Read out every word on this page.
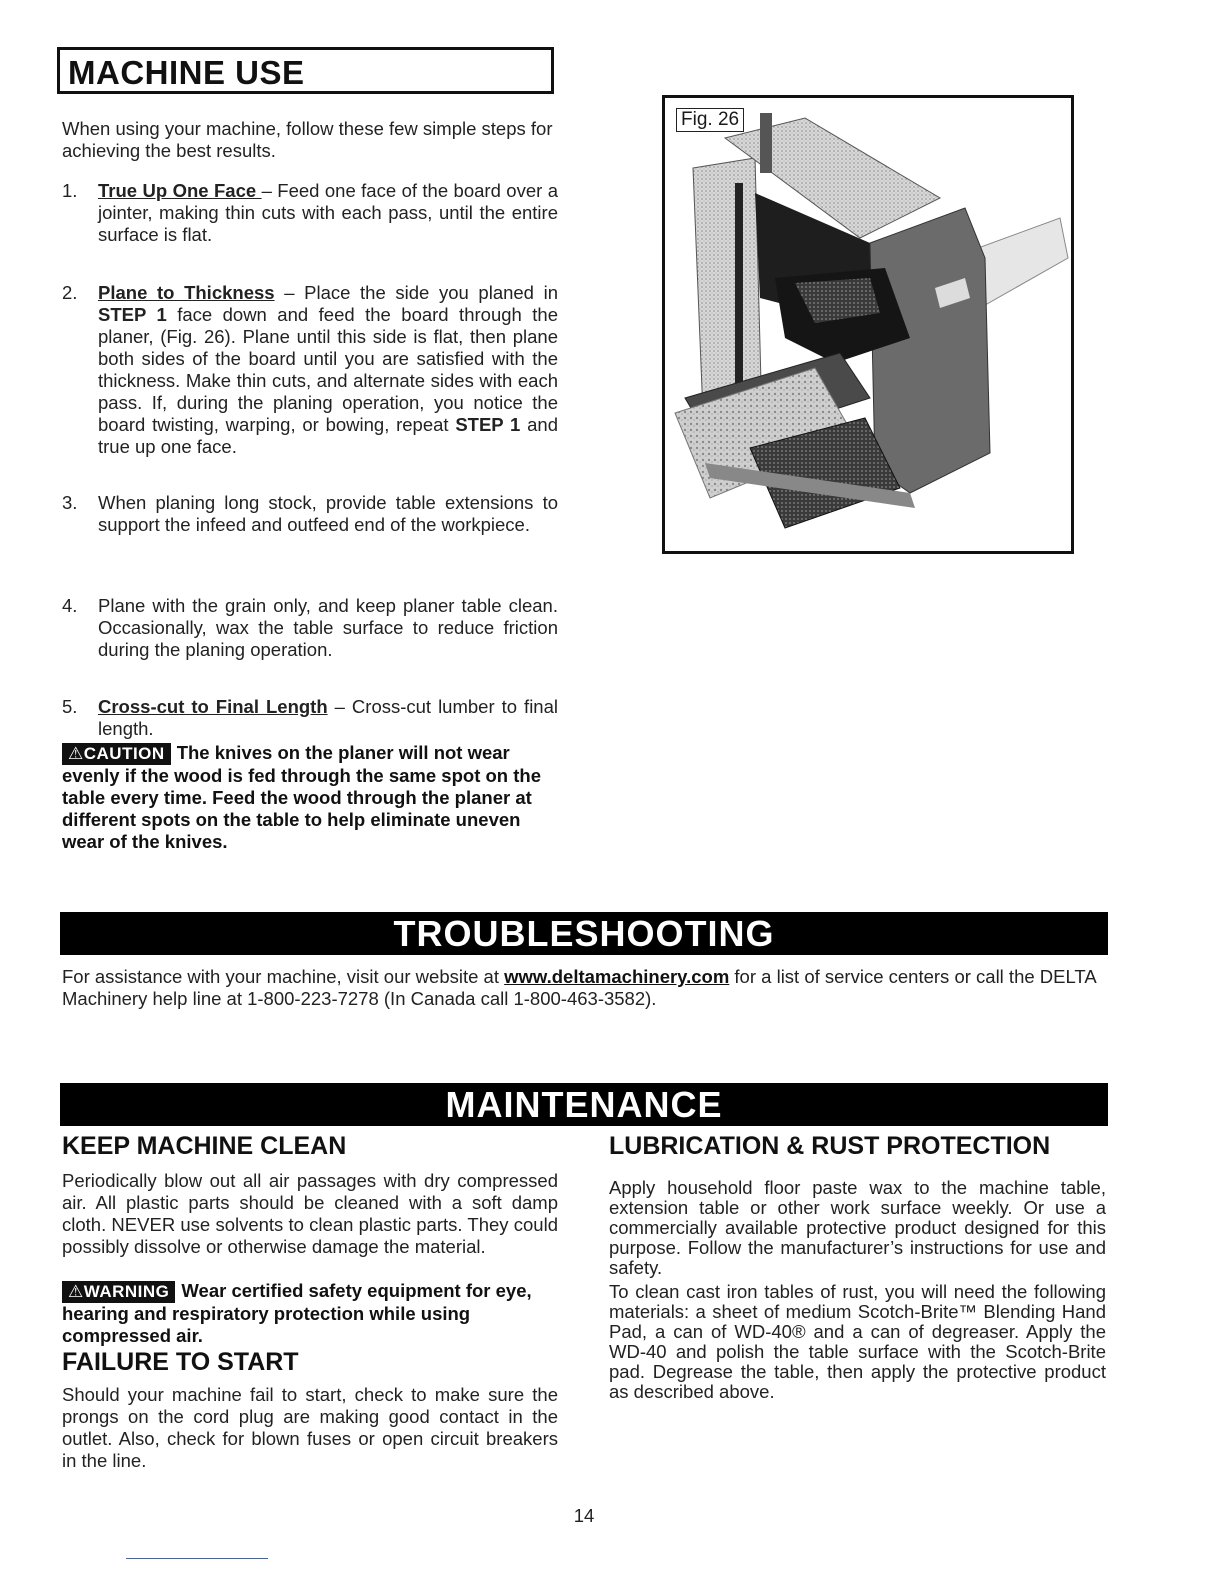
MACHINE USE
When using your machine, follow these few simple steps for achieving the best results.
1. True Up One Face – Feed one face of the board over a jointer, making thin cuts with each pass, until the entire surface is flat.
2. Plane to Thickness – Place the side you planed in STEP 1 face down and feed the board through the planer, (Fig. 26). Plane until this side is flat, then plane both sides of the board until you are satisfied with the thickness. Make thin cuts, and alternate sides with each pass. If, during the planing operation, you notice the board twisting, warping, or bowing, repeat STEP 1 and true up one face.
3. When planing long stock, provide table extensions to support the infeed and outfeed end of the workpiece.
4. Plane with the grain only, and keep planer table clean. Occasionally, wax the table surface to reduce friction during the planing operation.
5. Cross-cut to Final Length – Cross-cut lumber to final length.
⚠CAUTION The knives on the planer will not wear evenly if the wood is fed through the same spot on the table every time. Feed the wood through the planer at different spots on the table to help eliminate uneven wear of the knives.
Fig. 26
TROUBLESHOOTING
For assistance with your machine, visit our website at www.deltamachinery.com for a list of service centers or call the DELTA Machinery help line at 1-800-223-7278 (In Canada call 1-800-463-3582).
MAINTENANCE
KEEP MACHINE CLEAN
Periodically blow out all air passages with dry compressed air. All plastic parts should be cleaned with a soft damp cloth. NEVER use solvents to clean plastic parts. They could possibly dissolve or otherwise damage the material.
⚠WARNING Wear certified safety equipment for eye, hearing and respiratory protection while using compressed air.
FAILURE TO START
Should your machine fail to start, check to make sure the prongs on the cord plug are making good contact in the outlet. Also, check for blown fuses or open circuit breakers in the line.
LUBRICATION & RUST PROTECTION
Apply household floor paste wax to the machine table, extension table or other work surface weekly. Or use a commercially available protective product designed for this purpose. Follow the manufacturer’s instructions for use and safety.
To clean cast iron tables of rust, you will need the following materials: a sheet of medium Scotch-Brite™ Blending Hand Pad, a can of WD-40® and a can of degreaser. Apply the WD-40 and polish the table surface with the Scotch-Brite pad. Degrease the table, then apply the protective product as described above.
14
